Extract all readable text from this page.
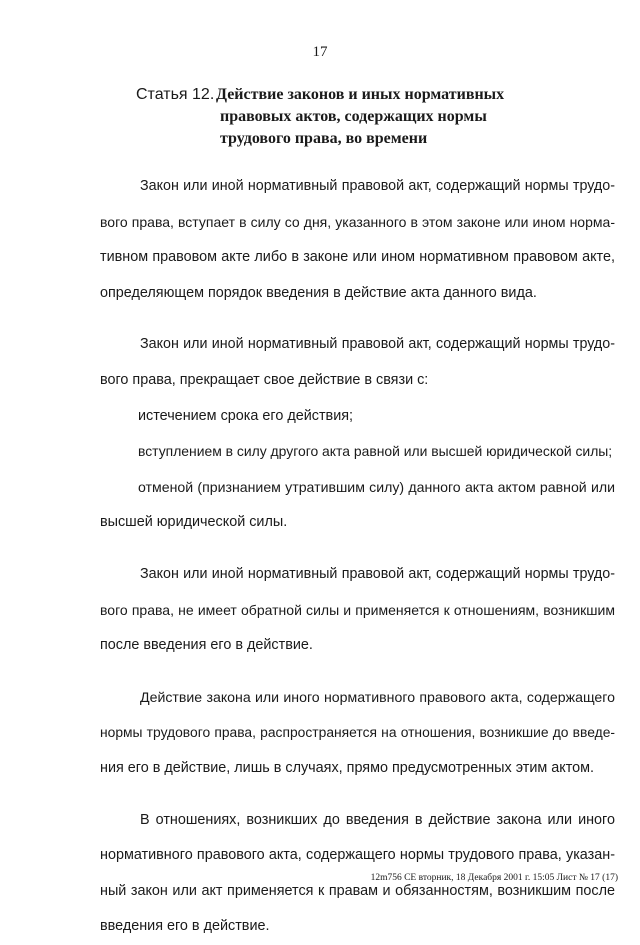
17
Статья 12. Действие законов и иных нормативных
правовых актов, содержащих нормы
трудового права, во времени

Закон или иной нормативный правовой акт, содержащий нормы трудо-
вого права, вступает в силу со дня, указанного в этом законе или ином норма-
тивном правовом акте либо в законе или ином нормативном правовом акте,
определяющем порядок введения в действие акта данного вида.

Закон или иной нормативный правовой акт, содержащий нормы трудо-
вого права, прекращает свое действие в связи с:

истечением срока его действия;

вступлением в силу другого акта равной или высшей юридической силы;

отменой (признанием утратившим силу) данного акта актом равной или
высшей юридической силы.

Закон или иной нормативный правовой акт, содержащий нормы трудо-
вого права, не имеет обратной силы и применяется к отношениям, возникшим
после введения его в действие.

Действие закона или иного нормативного правового акта, содержащего
нормы трудового права, распространяется на отношения, возникшие до введе-
ния его в действие, лишь в случаях, прямо предусмотренных этим актом.

В отношениях, возникших до введения в действие закона или иного
нормативного правового акта, содержащего нормы трудового права, указан-
ный закон или акт применяется к правам и обязанностям, возникшим после
введения его в действие.

12m756 СЕ вторник, 18 Декабря 2001 г. 15:05 Лист № 17 (17)
